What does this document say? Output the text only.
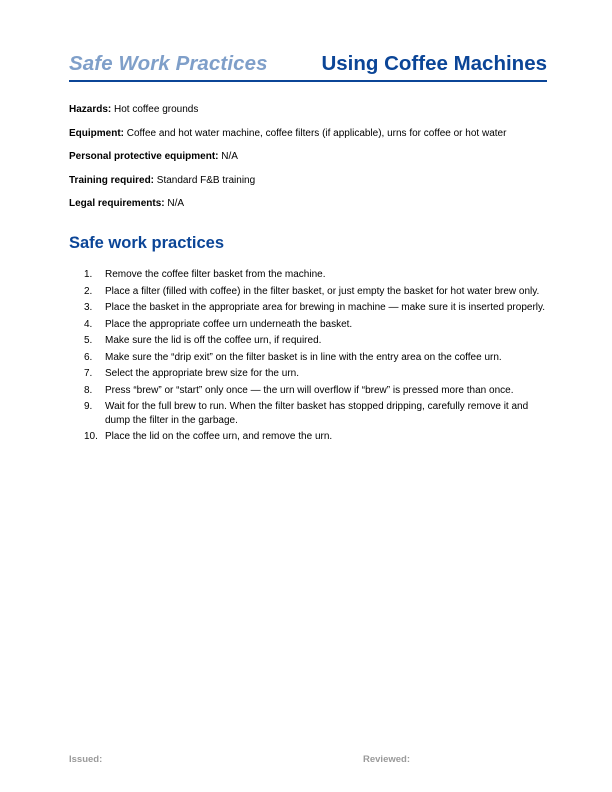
Safe Work Practices	Using Coffee Machines
Hazards: Hot coffee grounds
Equipment: Coffee and hot water machine, coffee filters (if applicable), urns for coffee or hot water
Personal protective equipment: N/A
Training required: Standard F&B training
Legal requirements: N/A
Safe work practices
1. Remove the coffee filter basket from the machine.
2. Place a filter (filled with coffee) in the filter basket, or just empty the basket for hot water brew only.
3. Place the basket in the appropriate area for brewing in machine — make sure it is inserted properly.
4. Place the appropriate coffee urn underneath the basket.
5. Make sure the lid is off the coffee urn, if required.
6. Make sure the “drip exit” on the filter basket is in line with the entry area on the coffee urn.
7. Select the appropriate brew size for the urn.
8. Press “brew” or “start” only once — the urn will overflow if “brew” is pressed more than once.
9. Wait for the full brew to run. When the filter basket has stopped dripping, carefully remove it and dump the filter in the garbage.
10. Place the lid on the coffee urn, and remove the urn.
Issued:	Reviewed:
